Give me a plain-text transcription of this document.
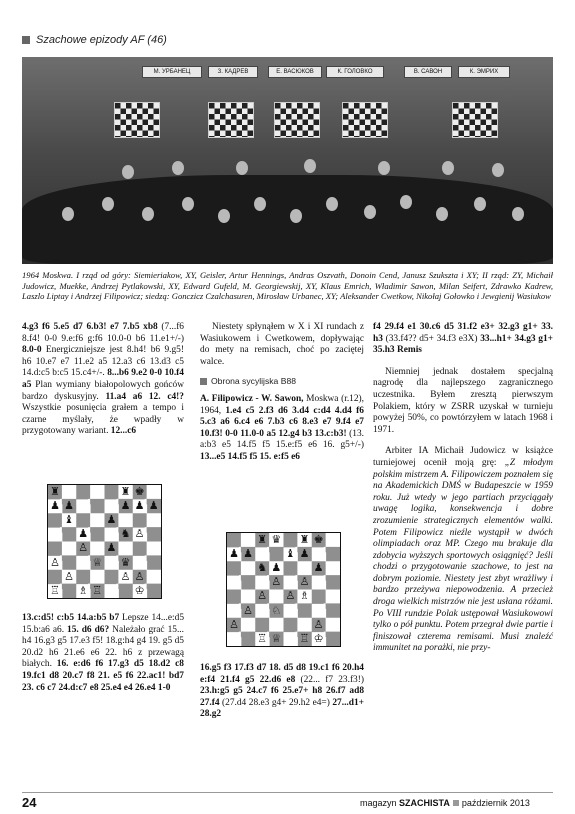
Szachowe epizody AF (46)
М. УРБАНЕЦ	З. КАДРЕВ	Е. ВАСЮКОВ	К. ГОЛОВКО	В. САВОН	К. ЭМРИХ
1964 Moskwa. I rząd od góry: Siemieriakow, XY, Geisler, Artur Hennings, Andras Oszvath, Donoin Cend, Janusz Szukszta i XY; II rząd: ZY, Michaił Judowicz, Muekke, Andrzej Pytlakowski, XY, Edward Gufeld, M. Georgiewskij, XY, Klaus Emrich, Władimir Sawon, Milan Seifert, Zdrawko Kadrew, Laszlo Liptay i Andrzej Filipowicz; siedzą: Gonczicz Czalchasuren, Mirosław Urbanec, XY; Aleksander Cwetkow, Nikołaj Gołowko i Jewgienij Wasiukow

4.g3 f6 5.e5 d7 6.b3! e7 7.b5 xb8 (7...f6 8.f4! 0-0 9.e:f6 g:f6 10.0-0 b6 11.e1+/-) 8.0-0 Energiczniejsze jest 8.h4! b6 9.g5! h6 10.e7 e7 11.e2 a5 12.a3 c6 13.d3 c5 14.d:c5 b:c5 15.c4+/-. 8...b6 9.e2 0-0 10.f4 a5 Plan wymiany białopolowych gońców bardzo dyskusyjny. 11.a4 a6 12. c4!? Wszystkie posunięcia grałem a tempo i czarne myślały, że wpadły w przygotowany wariant. 12...c6

♜	♜ ♚
♟ ♟	♟ ♟ ♟
♝	♟
♟	♞ ♙
♟
♙
♙	♕ ♛
♙	♙ ♙
♖ ♗ ♖	♔

13.c:d5! c:b5 14.a:b5 b7 Lepsze 14...e:d5 15.b:a6 a6. 15. d6 d6? Należało grać 15... h4 16.g3 g5 17.e3 f5! 18.g:h4 g4 19. g5 d5 20.d2 h6 21.e6 e6 22. h6 z przewagą białych. 16. e:d6 f6 17.g3 d5 18.d2 c8 19.fc1 d8 20.c7 f8 21. e5 f6 22.ac1! bd7 23. c6 c7 24.d:c7 e8 25.e4 e4 26.e4 1-0

Niestety spłynąłem w X i XI rundach z Wasiukowem i Cwetkowem, dopływając do mety na remisach, choć po zaciętej walce.

Obrona sycylijska B88

A. Filipowicz - W. Sawon, Moskwa (r.12), 1964, 1.e4 c5 2.f3 d6 3.d4 c:d4 4.d4 f6 5.c3 a6 6.c4 e6 7.b3 c6 8.e3 e7 9.f4 e7 10.f3! 0-0 11.0-0 a5 12.g4 b3 13.c:b3! (13. a:b3 e5 14.f5 f5 15.e:f5 e6 16. g5+/-) 13...e5 14.f5 f5 15. e:f5 e6

♜ ♛ ♜ ♚
♟ ♟	♝ ♟
♞ ♟	♟
♙ ♙
♙ ♙ ♗
♙ ♘
♙	♙
♖ ♕ ♖ ♔

16.g5 f3 17.f3 d7 18. d5 d8 19.c1 f6 20.h4 e:f4 21.f4 g5 22.d6 e8 (22... f7 23.f3!) 23.h:g5 g5 24.c7 f6 25.e7+ h8 26.f7 ad8 27.f4 (27.d4 28.e3 g4+ 29.h2 e4=) 27...d1+ 28.g2

f4 29.f4 e1 30.c6 d5 31.f2 e3+ 32.g3 g1+ 33. h3 (33.f4?? d5+ 34.f3 e3X) 33...h1+ 34.g3 g1+ 35.h3 Remis

Niemniej jednak dostałem specjalną nagrodę dla najlepszego zagranicznego uczestnika. Byłem zresztą pierwszym Polakiem, który w ZSRR uzyskał w turnieju powyżej 50%, co powtórzyłem w latach 1968 i 1971.

Arbiter IA Michaił Judowicz w książce turniejowej ocenił moją grę: „Z młodym polskim mistrzem A. Filipowiczem poznałem się na Akademickich DMŚ w Budapeszcie w 1959 roku. Już wtedy w jego partiach przyciągały uwagę logika, konsekwencja i dobre zrozumienie strategicznych elementów walki. Potem Filipowicz nieźle wystąpił w dwóch olimpiadach oraz MP. Czego mu brakuje dla zdobycia wyższych sportowych osiągnięć? Jeśli chodzi o przygotowanie szachowe, to jest na dobrym poziomie. Niestety jest zbyt wrażliwy i bardzo przeżywa niepowodzenia. A przecież droga wielkich mistrzów nie jest usłana różami. Po VIII rundzie Polak ustępował Wasiukowowi tylko o pół punktu. Potem przegrał dwie partie i finiszował czterema remisami. Musi znaleźć immunitet na porażki, nie przy-

24	magazyn SZACHISTA październik 2013
